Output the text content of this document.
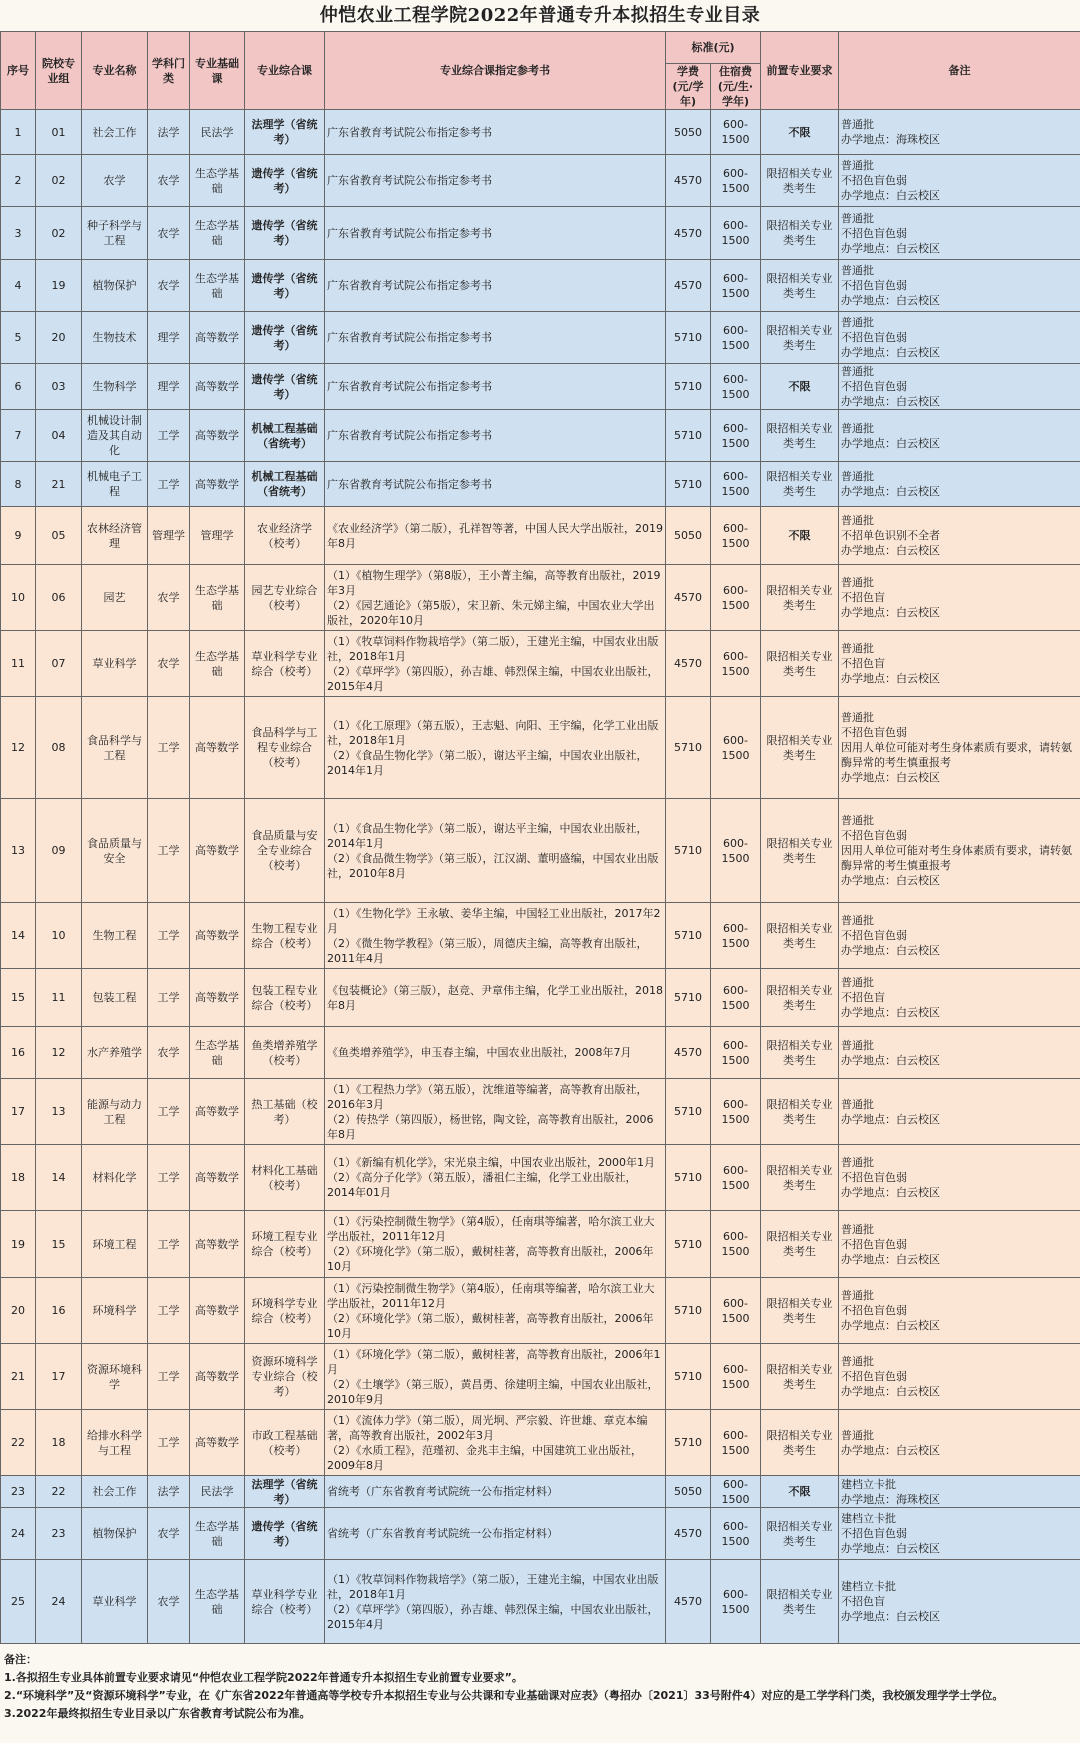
仲恺农业工程学院2022年普通专升本拟招生专业目录
序号	院校专业组	专业名称	学科门类	专业基础课	专业综合课	专业综合课指定参考书	标准(元)		前置专业要求	备注
							学费(元/学年)	住宿费(元/生·学年)		
1	01	社会工作	法学	民法学	法理学（省统考）	广东省教育考试院公布指定参考书	5050	600-1500	不限	普通批
办学地点：海珠校区
2	02	农学	农学	生态学基础	遗传学（省统考）	广东省教育考试院公布指定参考书	4570	600-1500	限招相关专业类考生	普通批
不招色盲色弱
办学地点：白云校区
3	02	种子科学与工程	农学	生态学基础	遗传学（省统考）	广东省教育考试院公布指定参考书	4570	600-1500	限招相关专业类考生	普通批
不招色盲色弱
办学地点：白云校区
4	19	植物保护	农学	生态学基础	遗传学（省统考）	广东省教育考试院公布指定参考书	4570	600-1500	限招相关专业类考生	普通批
不招色盲色弱
办学地点：白云校区
5	20	生物技术	理学	高等数学	遗传学（省统考）	广东省教育考试院公布指定参考书	5710	600-1500	限招相关专业类考生	普通批
不招色盲色弱
办学地点：白云校区
6	03	生物科学	理学	高等数学	遗传学（省统考）	广东省教育考试院公布指定参考书	5710	600-1500	不限	普通批
不招色盲色弱
办学地点：白云校区
7	04	机械设计制造及其自动化	工学	高等数学	机械工程基础（省统考）	广东省教育考试院公布指定参考书	5710	600-1500	限招相关专业类考生	普通批
办学地点：白云校区
8	21	机械电子工程	工学	高等数学	机械工程基础（省统考）	广东省教育考试院公布指定参考书	5710	600-1500	限招相关专业类考生	普通批
办学地点：白云校区
9	05	农林经济管理	管理学	管理学	农业经济学（校考）	《农业经济学》（第二版），孔祥智等著，中国人民大学出版社，2019年8月	5050	600-1500	不限	普通批
不招单色识别不全者
办学地点：白云校区
10	06	园艺	农学	生态学基础	园艺专业综合（校考）	（1）《植物生理学》（第8版），王小菁主编，高等教育出版社，2019年3月
（2）《园艺通论》（第5版），宋卫新、朱元娣主编，中国农业大学出版社，2020年10月	4570	600-1500	限招相关专业类考生	普通批
不招色盲
办学地点：白云校区
11	07	草业科学	农学	生态学基础	草业科学专业综合（校考）	（1）《牧草饲料作物栽培学》（第二版），王建光主编，中国农业出版社，2018年1月
（2）《草坪学》（第四版），孙吉雄、韩烈保主编，中国农业出版社，2015年4月	4570	600-1500	限招相关专业类考生	普通批
不招色盲
办学地点：白云校区
12	08	食品科学与工程	工学	高等数学	食品科学与工程专业综合（校考）	（1）《化工原理》（第五版），王志魁、向阳、王宇编，化学工业出版社，2018年1月
（2）《食品生物化学》（第二版），谢达平主编，中国农业出版社，2014年1月	5710	600-1500	限招相关专业类考生	普通批
不招色盲色弱
因用人单位可能对考生身体素质有要求，请转氨酶异常的考生慎重报考
办学地点：白云校区
13	09	食品质量与安全	工学	高等数学	食品质量与安全专业综合（校考）	（1）《食品生物化学》（第二版），谢达平主编，中国农业出版社，2014年1月
（2）《食品微生物学》（第三版），江汉湖、董明盛编，中国农业出版社，2010年8月	5710	600-1500	限招相关专业类考生	普通批
不招色盲色弱
因用人单位可能对考生身体素质有要求，请转氨酶异常的考生慎重报考
办学地点：白云校区
14	10	生物工程	工学	高等数学	生物工程专业综合（校考）	（1）《生物化学》王永敏、姜华主编，中国轻工业出版社，2017年2月
（2）《微生物学教程》（第三版），周德庆主编，高等教育出版社，2011年4月	5710	600-1500	限招相关专业类考生	普通批
不招色盲色弱
办学地点：白云校区
15	11	包装工程	工学	高等数学	包装工程专业综合（校考）	《包装概论》（第三版），赵竞、尹章伟主编，化学工业出版社，2018年8月	5710	600-1500	限招相关专业类考生	普通批
不招色盲
办学地点：白云校区
16	12	水产养殖学	农学	生态学基础	鱼类增养殖学（校考）	《鱼类增养殖学》，申玉春主编，中国农业出版社，2008年7月	4570	600-1500	限招相关专业类考生	普通批
办学地点：白云校区
17	13	能源与动力工程	工学	高等数学	热工基础（校考）	（1）《工程热力学》（第五版），沈维道等编著，高等教育出版社，2016年3月
（2）传热学（第四版），杨世铭，陶文铨，高等教育出版社，2006年8月	5710	600-1500	限招相关专业类考生	普通批
办学地点：白云校区
18	14	材料化学	工学	高等数学	材料化工基础（校考）	（1）《新编有机化学》，宋光泉主编，中国农业出版社，2000年1月
（2）《高分子化学》（第五版），潘祖仁主编，化学工业出版社，2014年01月	5710	600-1500	限招相关专业类考生	普通批
不招色盲色弱
办学地点：白云校区
19	15	环境工程	工学	高等数学	环境工程专业综合（校考）	（1）《污染控制微生物学》（第4版），任南琪等编著，哈尔滨工业大学出版社，2011年12月
（2）《环境化学》（第二版），戴树桂著，高等教育出版社，2006年10月	5710	600-1500	限招相关专业类考生	普通批
不招色盲色弱
办学地点：白云校区
20	16	环境科学	工学	高等数学	环境科学专业综合（校考）	（1）《污染控制微生物学》（第4版），任南琪等编著，哈尔滨工业大学出版社，2011年12月
（2）《环境化学》（第二版），戴树桂著，高等教育出版社，2006年10月	5710	600-1500	限招相关专业类考生	普通批
不招色盲色弱
办学地点：白云校区
21	17	资源环境科学	工学	高等数学	资源环境科学专业综合（校考）	（1）《环境化学》（第二版），戴树桂著，高等教育出版社，2006年1月
（2）《土壤学》（第三版），黄昌勇、徐建明主编，中国农业出版社，2010年9月	5710	600-1500	限招相关专业类考生	普通批
不招色盲色弱
办学地点：白云校区
22	18	给排水科学与工程	工学	高等数学	市政工程基础（校考）	（1）《流体力学》（第二版），周光坰、严宗毅、许世雄、章克本编著，高等教育出版社，2002年3月
（2）《水质工程》，范瑾初、金兆丰主编，中国建筑工业出版社，2009年8月	5710	600-1500	限招相关专业类考生	普通批
办学地点：白云校区
23	22	社会工作	法学	民法学	法理学（省统考）	省统考（广东省教育考试院统一公布指定材料）	5050	600-1500	不限	建档立卡批
办学地点：海珠校区
24	23	植物保护	农学	生态学基础	遗传学（省统考）	省统考（广东省教育考试院统一公布指定材料）	4570	600-1500	限招相关专业类考生	建档立卡批
不招色盲色弱
办学地点：白云校区
25	24	草业科学	农学	生态学基础	草业科学专业综合（校考）	（1）《牧草饲料作物栽培学》（第二版），王建光主编，中国农业出版社，2018年1月
（2）《草坪学》（第四版），孙吉雄、韩烈保主编，中国农业出版社，2015年4月	4570	600-1500	限招相关专业类考生	建档立卡批
不招色盲
办学地点：白云校区
备注：
1.各拟招生专业具体前置专业要求请见“仲恺农业工程学院2022年普通专升本拟招生专业前置专业要求”。
2.“环境科学”及“资源环境科学”专业，在《广东省2022年普通高等学校专升本拟招生专业与公共课和专业基础课对应表》（粤招办〔2021〕33号附件4）对应的是工学学科门类，我校颁发理学学士学位。
3.2022年最终拟招生专业目录以广东省教育考试院公布为准。
